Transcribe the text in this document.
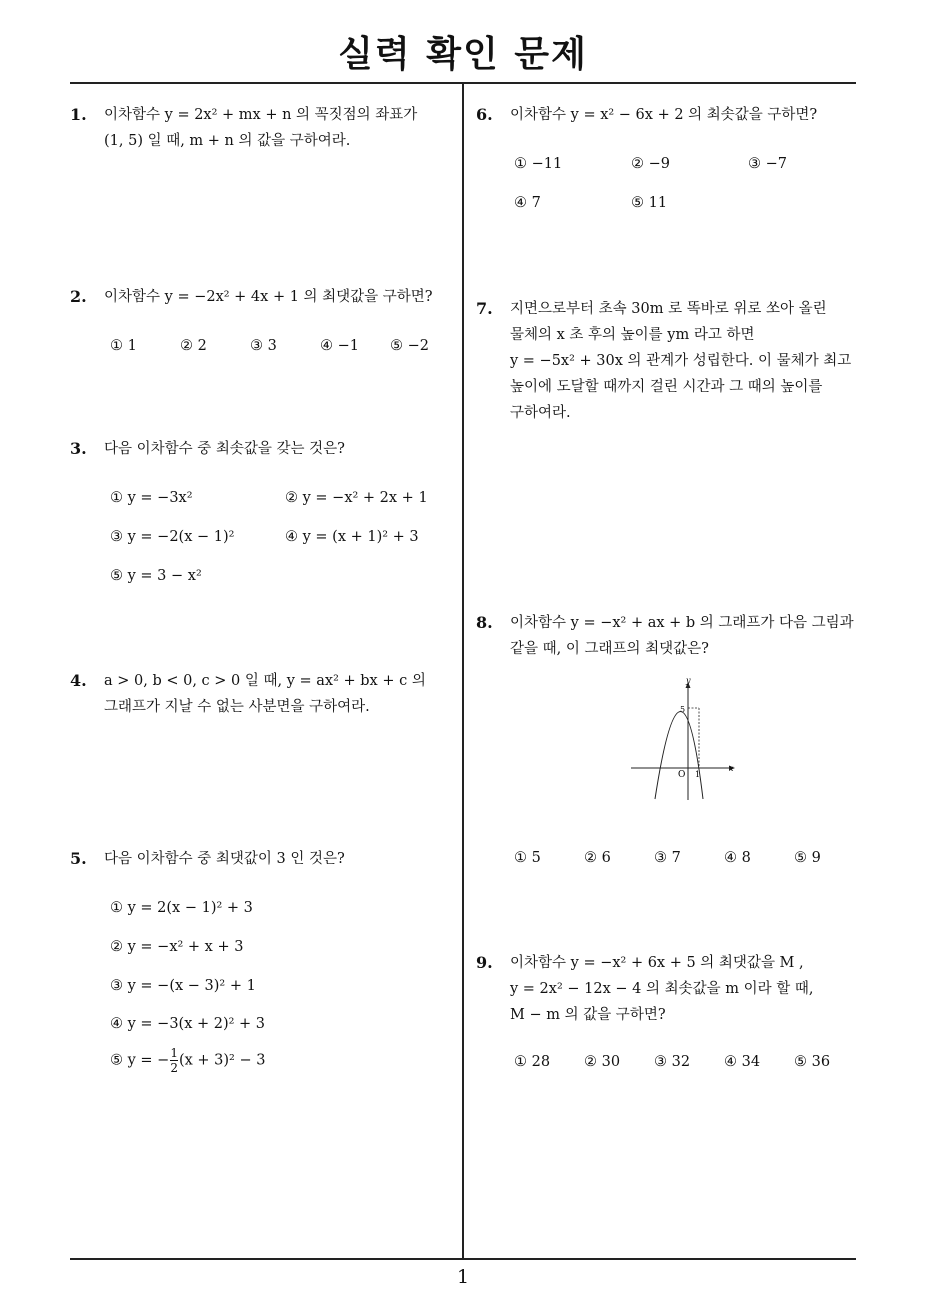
실력 확인 문제
1. 이차함수 y = 2x² + mx + n 의 꼭짓점의 좌표가
(1, 5) 일 때, m + n 의 값을 구하여라.
2. 이차함수 y = −2x² + 4x + 1 의 최댓값을 구하면?
① 1	② 2	③ 3	④ −1 ⑤ −2
3. 다음 이차함수 중 최솟값을 갖는 것은?
① y = −3x²	② y = −x² + 2x + 1
③ y = −2(x − 1)²	④ y = (x + 1)² + 3
⑤ y = 3 − x²
4. a > 0, b < 0, c > 0 일 때, y = ax² + bx + c 의
그래프가 지날 수 없는 사분면을 구하여라.
5. 다음 이차함수 중 최댓값이 3 인 것은?
① y = 2(x − 1)² + 3
② y = −x² + x + 3
③ y = −(x − 3)² + 1
④ y = −3(x + 2)² + 3
⑤ y = − $\frac{1}{2} (x + 3)^2 - 3$
6. 이차함수 y = x² − 6x + 2 의 최솟값을 구하면?
① −11	② −9	③ −7
④ 7	⑤ 11
7. 지면으로부터 초속 30m 로 똑바로 위로 쏘아 올린
물체의 x 초 후의 높이를 ym 라고 하면
y = −5x² + 30x 의 관계가 성립한다. 이 물체가 최고
높이에 도달할 때까지 걸린 시간과 그 때의 높이를
구하여라.
8. 이차함수 y = −x² + ax + b 의 그래프가 다음 그림과
같을 때, 이 그래프의 최댓값은?
y
x
O 1
5
① 5	② 6	③ 7	④ 8	⑤ 9
9. 이차함수 y = −x² + 6x + 5 의 최댓값을 M ,
y = 2x² − 12x − 4 의 최솟값을 m 이라 할 때,
M − m 의 값을 구하면?
① 28 ② 30 ③ 32 ④ 34 ⑤ 36
1
